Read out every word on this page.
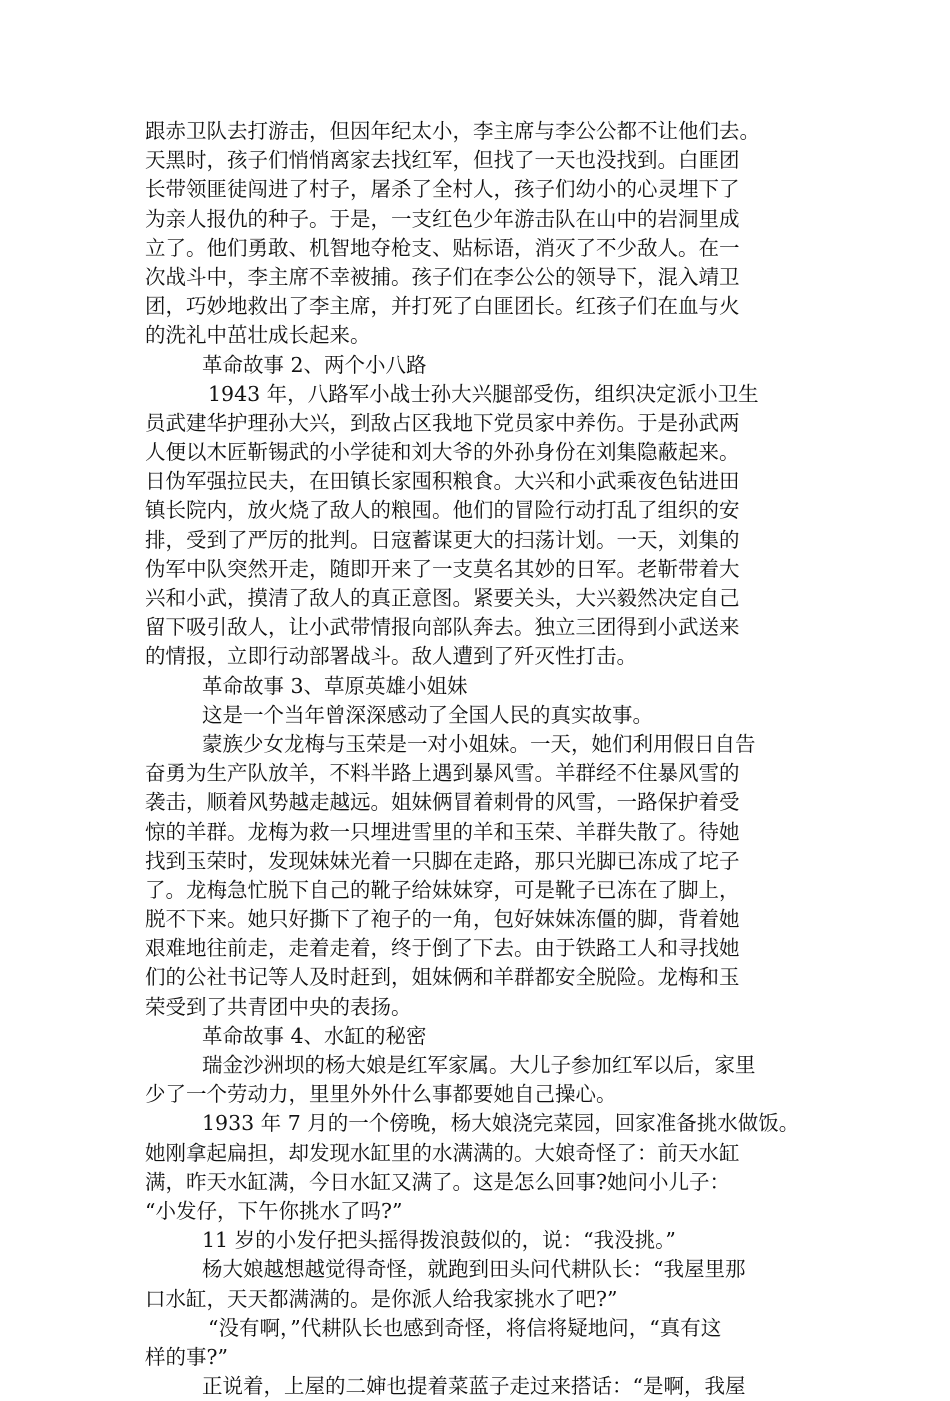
跟赤卫队去打游击，但因年纪太小，李主席与李公公都不让他们去。
天黑时，孩子们悄悄离家去找红军，但找了一天也没找到。白匪团
长带领匪徒闯进了村子，屠杀了全村人，孩子们幼小的心灵埋下了
为亲人报仇的种子。于是，一支红色少年游击队在山中的岩洞里成
立了。他们勇敢、机智地夺枪支、贴标语，消灭了不少敌人。在一
次战斗中，李主席不幸被捕。孩子们在李公公的领导下，混入靖卫
团，巧妙地救出了李主席，并打死了白匪团长。红孩子们在血与火
的洗礼中茁壮成长起来。
革命故事 2、两个小八路
1943 年，八路军小战士孙大兴腿部受伤，组织决定派小卫生
员武建华护理孙大兴，到敌占区我地下党员家中养伤。于是孙武两
人便以木匠靳锡武的小学徒和刘大爷的外孙身份在刘集隐蔽起来。
日伪军强拉民夫，在田镇长家囤积粮食。大兴和小武乘夜色钻进田
镇长院内，放火烧了敌人的粮囤。他们的冒险行动打乱了组织的安
排，受到了严厉的批判。日寇蓄谋更大的扫荡计划。一天，刘集的
伪军中队突然开走，随即开来了一支莫名其妙的日军。老靳带着大
兴和小武，摸清了敌人的真正意图。紧要关头，大兴毅然决定自己
留下吸引敌人，让小武带情报向部队奔去。独立三团得到小武送来
的情报，立即行动部署战斗。敌人遭到了歼灭性打击。
革命故事 3、草原英雄小姐妹
这是一个当年曾深深感动了全国人民的真实故事。
蒙族少女龙梅与玉荣是一对小姐妹。一天，她们利用假日自告
奋勇为生产队放羊，不料半路上遇到暴风雪。羊群经不住暴风雪的
袭击，顺着风势越走越远。姐妹俩冒着刺骨的风雪，一路保护着受
惊的羊群。龙梅为救一只埋进雪里的羊和玉荣、羊群失散了。待她
找到玉荣时，发现妹妹光着一只脚在走路，那只光脚已冻成了坨子
了。龙梅急忙脱下自己的靴子给妹妹穿，可是靴子已冻在了脚上，
脱不下来。她只好撕下了袍子的一角，包好妹妹冻僵的脚，背着她
艰难地往前走，走着走着，终于倒了下去。由于铁路工人和寻找她
们的公社书记等人及时赶到，姐妹俩和羊群都安全脱险。龙梅和玉
荣受到了共青团中央的表扬。
革命故事 4、水缸的秘密
瑞金沙洲坝的杨大娘是红军家属。大儿子参加红军以后，家里
少了一个劳动力，里里外外什么事都要她自己操心。
1933 年 7 月的一个傍晚，杨大娘浇完菜园，回家准备挑水做饭。
她刚拿起扁担，却发现水缸里的水满满的。大娘奇怪了：前天水缸
满，昨天水缸满，今日水缸又满了。这是怎么回事?她问小儿子：
“小发仔，下午你挑水了吗?”
11 岁的小发仔把头摇得拨浪鼓似的，说：“我没挑。”
杨大娘越想越觉得奇怪，就跑到田头问代耕队长：“我屋里那
口水缸，天天都满满的。是你派人给我家挑水了吧?”
“没有啊，”代耕队长也感到奇怪，将信将疑地问，“真有这
样的事?”
正说着，上屋的二婶也提着菜蓝子走过来搭话：“是啊，我屋
